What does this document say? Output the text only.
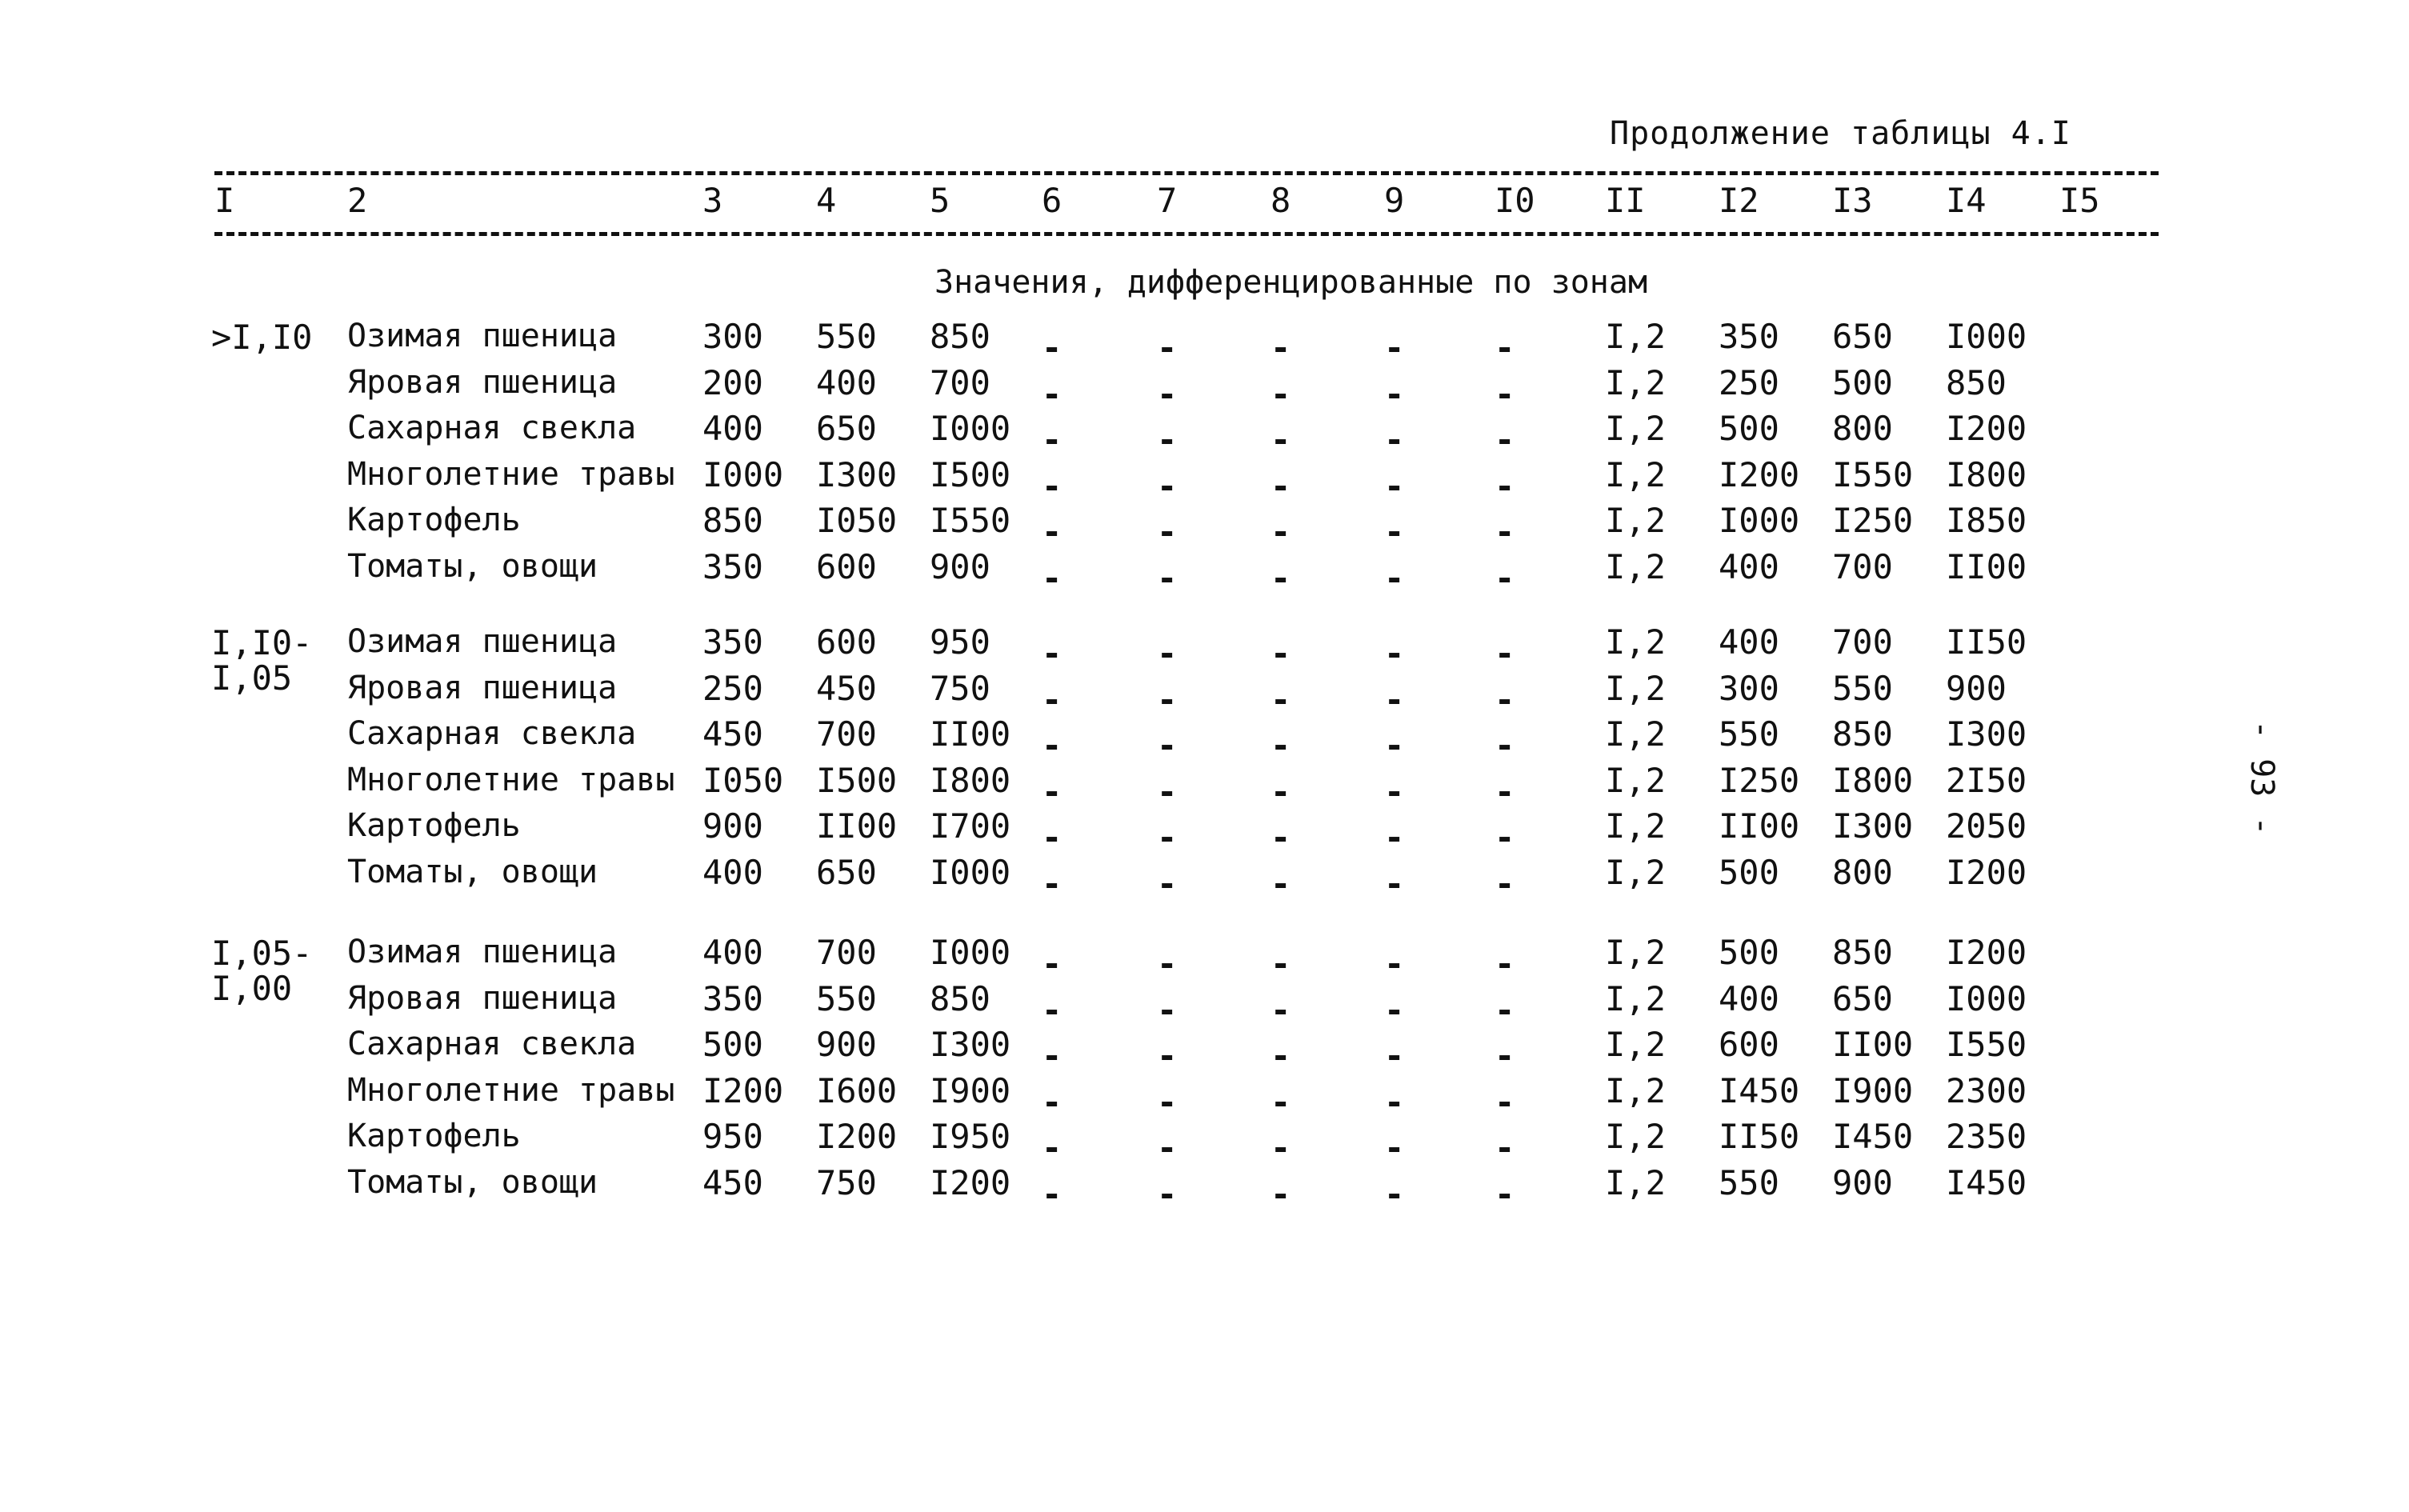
Продолжение таблицы 4.I
I	2	3	4	5	6	7	8	9	I0 II I2 I3 I4 I5
Значения, дифференцированные по зонам
>I,I0 Озимая пшеница	300 550 850 -	-	-	-	-	I,2 350 650 I000
Яровая пшеница	200 400 700 -	-	-	-	-	I,2 250 500 850
Сахарная свекла 400 650 I000 -	-	-	-	-	I,2 500 800 I200
Многолетние травы I000 I300 I500 -	-	-	-	-	I,2 I200 I550 I800
Картофель	850 I050 I550 -	-	-	-	-	I,2 I000 I250 I850
Томаты, овощи	350 600 900 -	-	-	-	-	I,2 400 700 II00
I,I0-
I,05
Озимая пшеница	350 600 950 -	-	-	-	-	I,2 400 700 II50
Яровая пшеница	250 450 750 -	-	-	-	-	I,2 300 550 900
Сахарная свекла 450 700 II00 -	-	-	-	-	I,2 550 850 I300
Многолетние травы I050 I500 I800 -	-	-	-	-	I,2 I250 I800 2I50
Картофель	900 II00 I700 -	-	-	-	-	I,2 II00 I300 2050
Томаты, овощи	400 650 I000 -	-	-	-	-	I,2 500 800 I200
I,05-
I,00
Озимая пшеница	400 700 I000 -	-	-	-	-	I,2 500 850 I200
Яровая пшеница	350 550 850 -	-	-	-	-	I,2 400 650 I000
Сахарная свекла 500 900 I300 -	-	-	-	-	I,2 600 II00 I550
Многолетние травы I200 I600 I900 -	-	-	-	-	I,2 I450 I900 2300
Картофель	950 I200 I950 -	-	-	-	-	I,2 II50 I450 2350
Томаты, овощи	450 750 I200 -	-	-	-	-	I,2 550 900 I450
- 93 -
